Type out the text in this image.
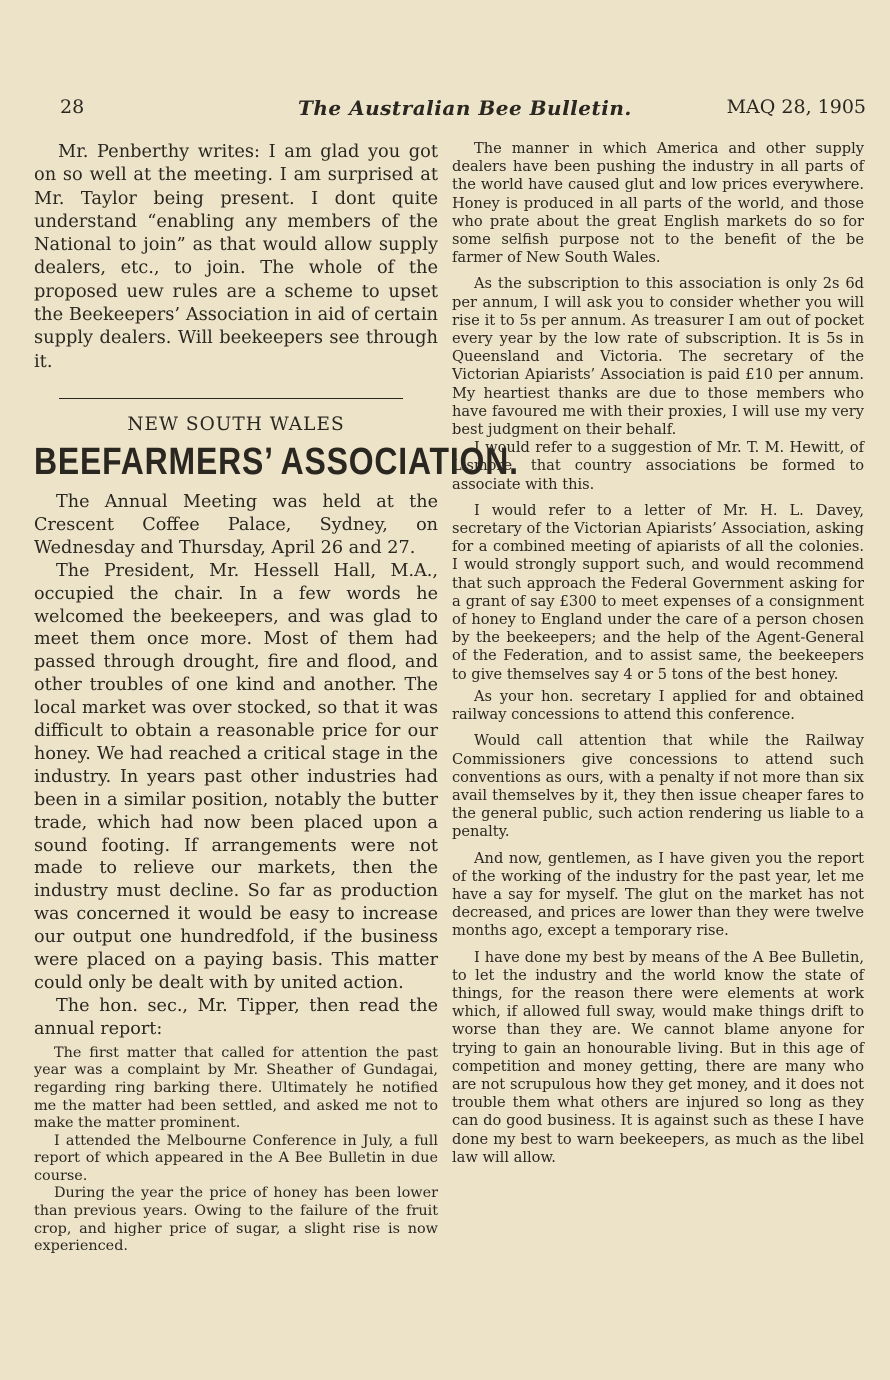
28	The Australian Bee Bulletin.	MAQ 28, 1905

Mr. Penberthy writes: I am glad you got on so well at the meeting. I am surprised at Mr. Taylor being present. I dont quite understand “enabling any members of the National to join” as that would allow supply dealers, etc., to join. The whole of the proposed uew rules are a scheme to upset the Beekeepers’ Association in aid of certain supply dealers. Will beekeepers see through it.

NEW SOUTH WALES
BEEFARMERS’ ASSOCIATION.

The Annual Meeting was held at the Crescent Coffee Palace, Sydney, on Wednesday and Thursday, April 26 and 27.

The President, Mr. Hessell Hall, M.A., occupied the chair. In a few words he welcomed the beekeepers, and was glad to meet them once more. Most of them had passed through drought, fire and flood, and other troubles of one kind and another. The local market was over stocked, so that it was difficult to obtain a reasonable price for our honey. We had reached a critical stage in the industry. In years past other industries had been in a similar position, notably the butter trade, which had now been placed upon a sound footing. If arrangements were not made to relieve our markets, then the industry must decline. So far as production was concerned it would be easy to increase our output one hundredfold, if the business were placed on a paying basis. This matter could only be dealt with by united action.

The hon. sec., Mr. Tipper, then read the annual report:

The first matter that called for attention the past year was a complaint by Mr. Sheather of Gundagai, regarding ring barking there. Ultimately he notified me the matter had been settled, and asked me not to make the matter prominent.

I attended the Melbourne Conference in July, a full report of which appeared in the A Bee Bulletin in due course.

During the year the price of honey has been lower than previous years. Owing to the failure of the fruit crop, and higher price of sugar, a slight rise is now experienced.

The manner in which America and other supply dealers have been pushing the industry in all parts of the world have caused glut and low prices everywhere. Honey is produced in all parts of the world, and those who prate about the great English markets do so for some selfish purpose not to the benefit of the be farmer of New South Wales.

As the subscription to this association is only 2s 6d per annum, I will ask you to consider whether you will rise it to 5s per annum. As treasurer I am out of pocket every year by the low rate of subscription. It is 5s in Queensland and Victoria. The secretary of the Victorian Apiarists’ Association is paid £10 per annum. My heartiest thanks are due to those members who have favoured me with their proxies, I will use my very best judgment on their behalf.

I would refer to a suggestion of Mr. T. M. Hewitt, of Lismore, that country associations be formed to associate with this.

I would refer to a letter of Mr. H. L. Davey, secretary of the Victorian Apiarists’ Association, asking for a combined meeting of apiarists of all the colonies. I would strongly support such, and would recommend that such approach the Federal Government asking for a grant of say £300 to meet expenses of a consignment of honey to England under the care of a person chosen by the beekeepers; and the help of the Agent-General of the Federation, and to assist same, the beekeepers to give themselves say 4 or 5 tons of the best honey.

As your hon. secretary I applied for and obtained railway concessions to attend this conference.

Would call attention that while the Railway Commissioners give concessions to attend such conventions as ours, with a penalty if not more than six avail themselves by it, they then issue cheaper fares to the general public, such action rendering us liable to a penalty.

And now, gentlemen, as I have given you the report of the working of the industry for the past year, let me have a say for myself. The glut on the market has not decreased, and prices are lower than they were twelve months ago, except a temporary rise.

I have done my best by means of the A Bee Bulletin, to let the industry and the world know the state of things, for the reason there were elements at work which, if allowed full sway, would make things drift to worse than they are. We cannot blame anyone for trying to gain an honourable living. But in this age of competition and money getting, there are many who are not scrupulous how they get money, and it does not trouble them what others are injured so long as they can do good business. It is against such as these I have done my best to warn beekeepers, as much as the libel law will allow.
